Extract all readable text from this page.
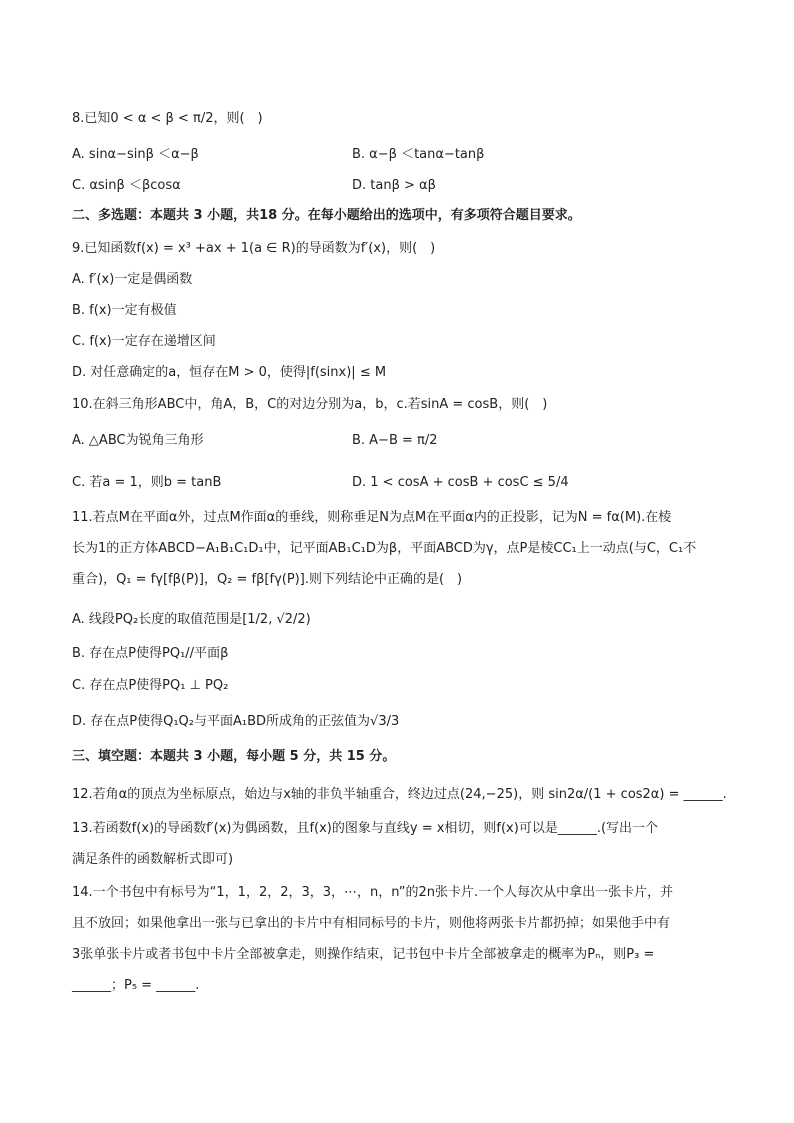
8.已知0 < α < β < π/2，则(　)
A. sinα−sinβ ＜α−β	B. α−β ＜tanα−tanβ
C. αsinβ ＜βcosα	D. tanβ > αβ
二、多选题：本题共 3 小题，共18 分。在每小题给出的选项中，有多项符合题目要求。
9.已知函数f(x) = x³ +ax + 1(a ∈ R)的导函数为f′(x)，则(　)
A. f′(x)一定是偶函数
B. f(x)一定有极值
C. f(x)一定存在递增区间
D. 对任意确定的a，恒存在M > 0，使得|f(sinx)| ≤ M
10.在斜三角形ABC中，角A，B，C的对边分别为a，b，c.若sinA = cosB，则(　)
A. △ABC为锐角三角形	B. A−B = π/2
C. 若a = 1，则b = tanB	D. 1 < cosA + cosB + cosC ≤ 5/4
11.若点M在平面α外，过点M作面α的垂线，则称垂足N为点M在平面α内的正投影，记为N = fα(M).在棱
长为1的正方体ABCD−A₁B₁C₁D₁中，记平面AB₁C₁D为β，平面ABCD为γ，点P是棱CC₁上一动点(与C，C₁不
重合)，Q₁ = fγ[fβ(P)]，Q₂ = fβ[fγ(P)].则下列结论中正确的是(　)
A. 线段PQ₂长度的取值范围是[1/2, √2/2)
B. 存在点P使得PQ₁//平面β
C. 存在点P使得PQ₁ ⊥ PQ₂
D. 存在点P使得Q₁Q₂与平面A₁BD所成角的正弦值为√3/3
三、填空题：本题共 3 小题，每小题 5 分，共 15 分。
12.若角α的顶点为坐标原点，始边与x轴的非负半轴重合，终边过点(24,−25)，则 sin2α/(1 + cos2α) = ______.
13.若函数f(x)的导函数f′(x)为偶函数，且f(x)的图象与直线y = x相切，则f(x)可以是______.(写出一个
满足条件的函数解析式即可)
14.一个书包中有标号为“1，1，2，2，3，3，⋯，n，n”的2n张卡片.一个人每次从中拿出一张卡片，并
且不放回；如果他拿出一张与已拿出的卡片中有相同标号的卡片，则他将两张卡片都扔掉；如果他手中有
3张单张卡片或者书包中卡片全部被拿走，则操作结束，记书包中卡片全部被拿走的概率为Pₙ，则P₃ =
______；P₅ = ______.
